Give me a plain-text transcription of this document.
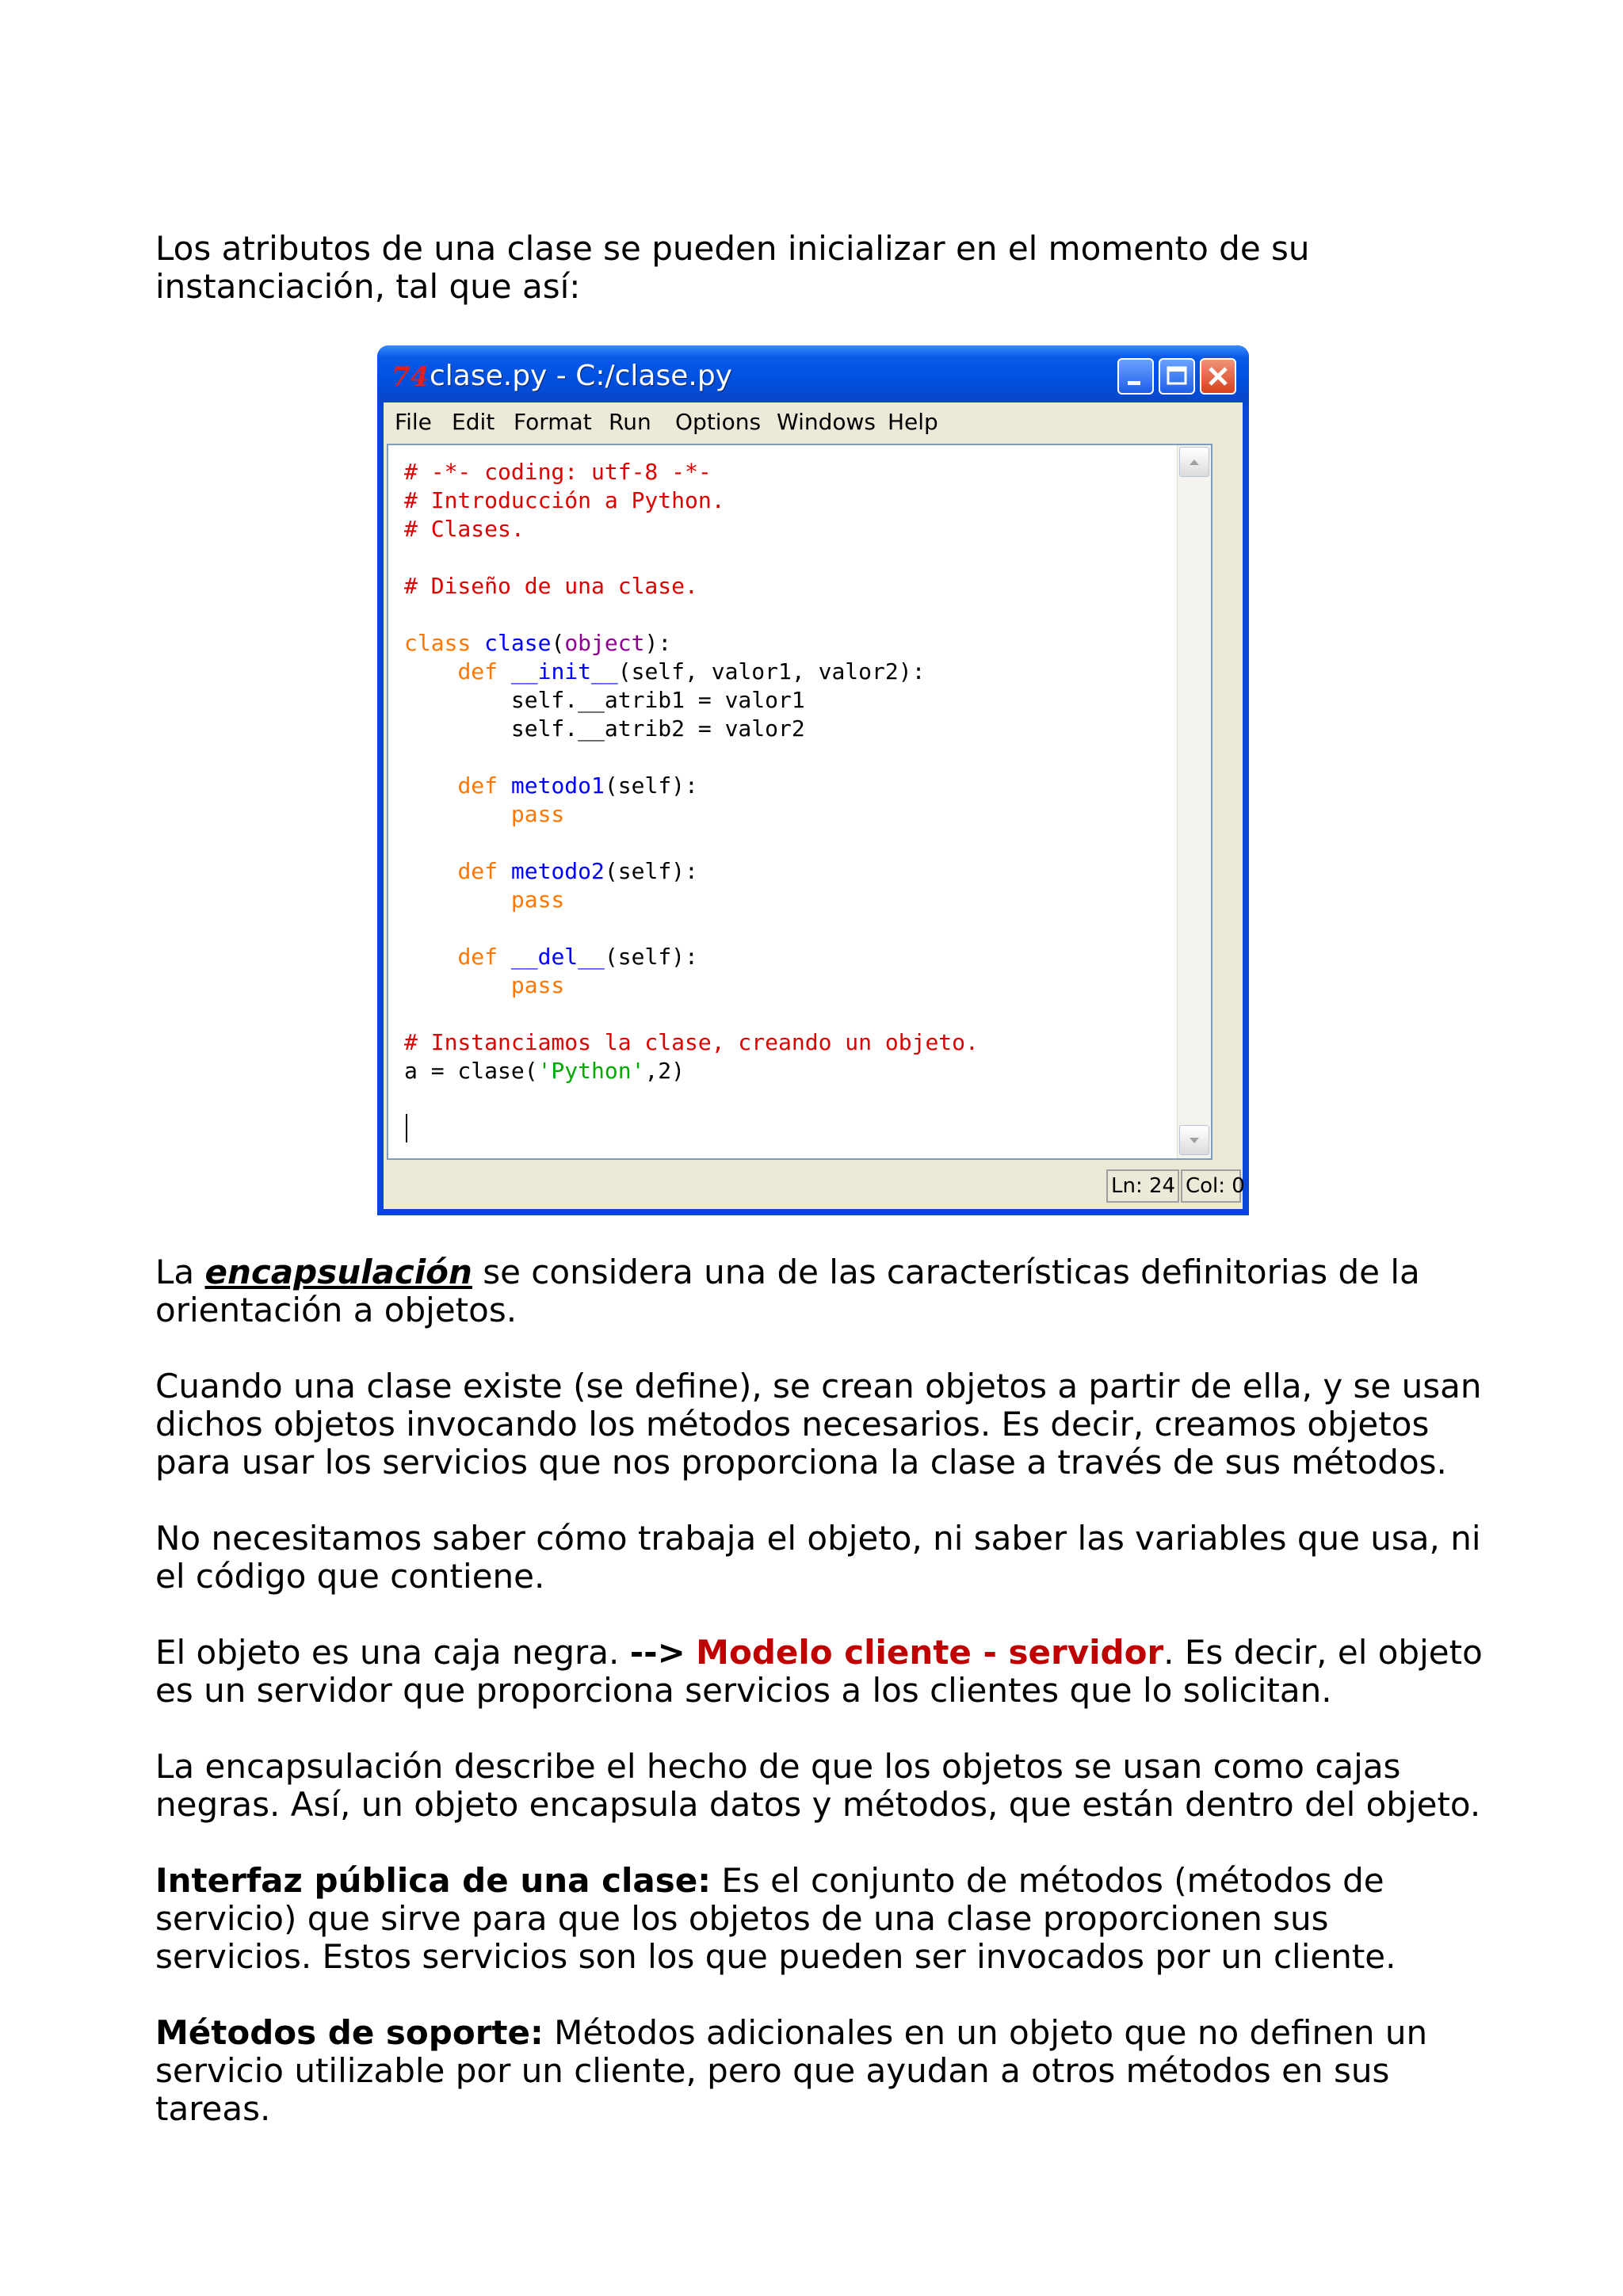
Los atributos de una clase se pueden inicializar en el momento de su instanciación, tal que así:

74 clase.py - C:/clase.py
File Edit Format Run Options Windows Help
# -*- coding: utf-8 -*-
# Introducción a Python.
# Clases.

# Diseño de una clase.

class clase(object):
def __init__(self, valor1, valor2):
self.__atrib1 = valor1
self.__atrib2 = valor2

def metodo1(self):
pass

def metodo2(self):
pass

def __del__(self):
pass

# Instanciamos la clase, creando un objeto.
a = clase('Python',2)
Ln: 24 Col: 0

La encapsulación se considera una de las características definitorias de la orientación a objetos.

Cuando una clase existe (se define), se crean objetos a partir de ella, y se usan dichos objetos invocando los métodos necesarios. Es decir, creamos objetos para usar los servicios que nos proporciona la clase a través de sus métodos.

No necesitamos saber cómo trabaja el objeto, ni saber las variables que usa, ni el código que contiene.

El objeto es una caja negra. --> Modelo cliente - servidor. Es decir, el objeto es un servidor que proporciona servicios a los clientes que lo solicitan.

La encapsulación describe el hecho de que los objetos se usan como cajas negras. Así, un objeto encapsula datos y métodos, que están dentro del objeto.

Interfaz pública de una clase: Es el conjunto de métodos (métodos de servicio) que sirve para que los objetos de una clase proporcionen sus servicios. Estos servicios son los que pueden ser invocados por un cliente.

Métodos de soporte: Métodos adicionales en un objeto que no definen un servicio utilizable por un cliente, pero que ayudan a otros métodos en sus tareas.
